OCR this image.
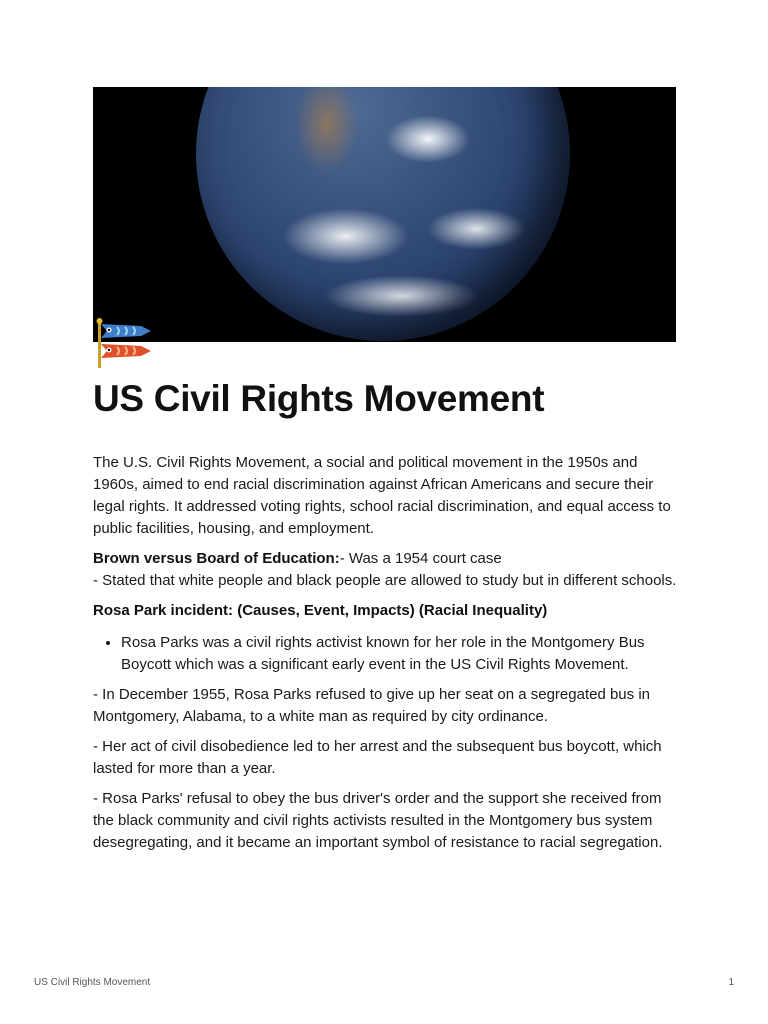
US Civil Rights Movement

The U.S. Civil Rights Movement, a social and political movement in the 1950s and 1960s, aimed to end racial discrimination against African Americans and secure their legal rights. It addressed voting rights, school racial discrimination, and equal access to public facilities, housing, and employment.

Brown versus Board of Education:- Was a 1954 court case
- Stated that white people and black people are allowed to study but in different schools.

Rosa Park incident: (Causes, Event, Impacts) (Racial Inequality)

• Rosa Parks was a civil rights activist known for her role in the Montgomery Bus Boycott which was a significant early event in the US Civil Rights Movement.

- In December 1955, Rosa Parks refused to give up her seat on a segregated bus in Montgomery, Alabama, to a white man as required by city ordinance.

- Her act of civil disobedience led to her arrest and the subsequent bus boycott, which lasted for more than a year.

- Rosa Parks' refusal to obey the bus driver's order and the support she received from the black community and civil rights activists resulted in the Montgomery bus system desegregating, and it became an important symbol of resistance to racial segregation.

US Civil Rights Movement	1
